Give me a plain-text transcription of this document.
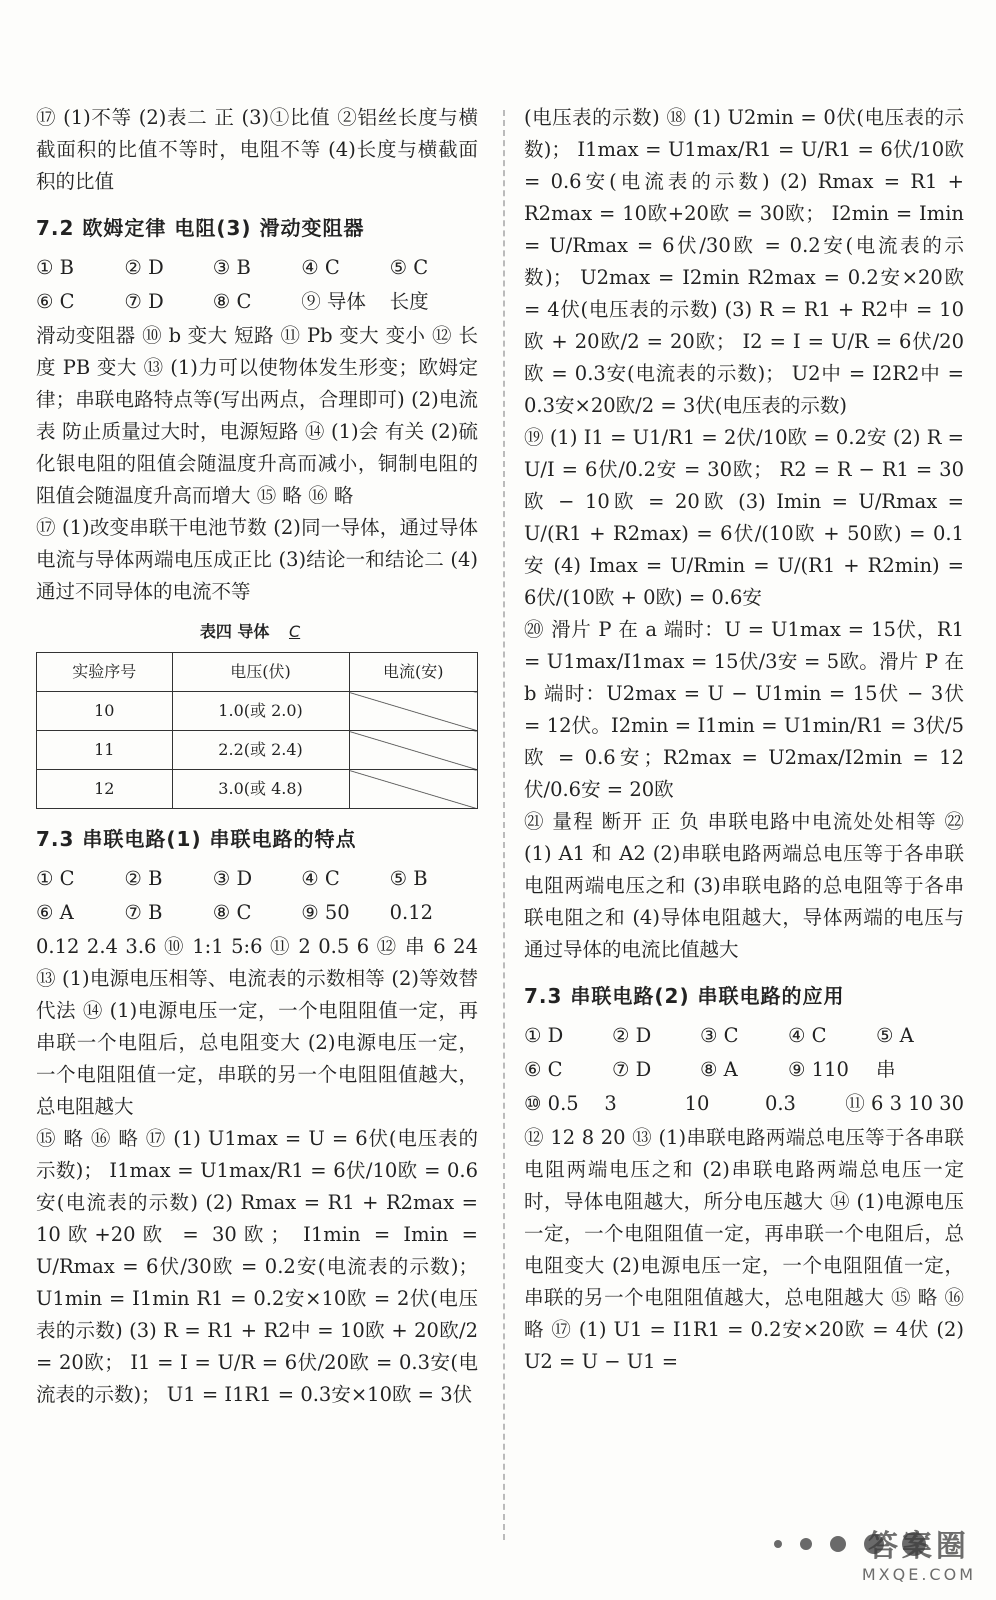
⑰ (1)不等 (2)表二 正 (3)①比值 ②铝丝长度与横截面积的比值不等时，电阻不等 (4)长度与横截面积的比值

7.2 欧姆定律 电阻(3) 滑动变阻器
① B	② D	③ B	④ C	⑤ C
⑥ C	⑦ D	⑧ C	⑨ 导体	长度

滑动变阻器 ⑩ b 变大 短路 ⑪ Pb 变大 变小 ⑫ 长度 PB 变大 ⑬ (1)力可以使物体发生形变；欧姆定律；串联电路特点等(写出两点，合理即可) (2)电流表 防止质量过大时，电源短路 ⑭ (1)会 有关 (2)硫化银电阻的阻值会随温度升高而减小，铜制电阻的阻值会随温度升高而增大 ⑮ 略 ⑯ 略

⑰ (1)改变串联干电池节数 (2)同一导体，通过导体电流与导体两端电压成正比 (3)结论一和结论二 (4)通过不同导体的电流不等

表四 导体 C
实验序号	电压(伏)	电流(安)
10	1.0(或 2.0)	
11	2.2(或 2.4)	
12	3.0(或 4.8)	
7.3 串联电路(1) 串联电路的特点
① C	② B	③ D	④ C	⑤ B
⑥ A	⑦ B	⑧ C	⑨ 50	0.12

0.12 2.4 3.6 ⑩ 1:1 5:6 ⑪ 2 0.5 6 ⑫ 串 6 24 ⑬ (1)电源电压相等、电流表的示数相等 (2)等效替代法 ⑭ (1)电源电压一定，一个电阻阻值一定，再串联一个电阻后，总电阻变大 (2)电源电压一定，一个电阻阻值一定，串联的另一个电阻阻值越大，总电阻越大

⑮ 略 ⑯ 略 ⑰ (1) U1max = U = 6伏(电压表的示数)； I1max = U1max/R1 = 6伏/10欧 = 0.6安(电流表的示数) (2) Rmax = R1 + R2max = 10欧+20欧 = 30欧； I1min = Imin = U/Rmax = 6伏/30欧 = 0.2安(电流表的示数)； U1min = I1min R1 = 0.2安×10欧 = 2伏(电压表的示数) (3) R = R1 + R2中 = 10欧 + 20欧/2 = 20欧； I1 = I = U/R = 6伏/20欧 = 0.3安(电流表的示数)； U1 = I1R1 = 0.3安×10欧 = 3伏

(电压表的示数) ⑱ (1) U2min = 0伏(电压表的示数)； I1max = U1max/R1 = U/R1 = 6伏/10欧 = 0.6安(电流表的示数) (2) Rmax = R1 + R2max = 10欧+20欧 = 30欧； I2min = Imin = U/Rmax = 6伏/30欧 = 0.2安(电流表的示数)； U2max = I2min R2max = 0.2安×20欧 = 4伏(电压表的示数) (3) R = R1 + R2中 = 10欧 + 20欧/2 = 20欧； I2 = I = U/R = 6伏/20欧 = 0.3安(电流表的示数)； U2中 = I2R2中 = 0.3安×20欧/2 = 3伏(电压表的示数)

⑲ (1) I1 = U1/R1 = 2伏/10欧 = 0.2安 (2) R = U/I = 6伏/0.2安 = 30欧； R2 = R − R1 = 30欧 − 10欧 = 20欧 (3) Imin = U/Rmax = U/(R1 + R2max) = 6伏/(10欧 + 50欧) = 0.1安 (4) Imax = U/Rmin = U/(R1 + R2min) = 6伏/(10欧 + 0欧) = 0.6安

⑳ 滑片 P 在 a 端时：U = U1max = 15伏，R1 = U1max/I1max = 15伏/3安 = 5欧。滑片 P 在 b 端时：U2max = U − U1min = 15伏 − 3伏 = 12伏。I2min = I1min = U1min/R1 = 3伏/5欧 = 0.6安；R2max = U2max/I2min = 12伏/0.6安 = 20欧

㉑ 量程 断开 正 负 串联电路中电流处处相等 ㉒ (1) A1 和 A2 (2)串联电路两端总电压等于各串联电阻两端电压之和 (3)串联电路的总电阻等于各串联电阻之和 (4)导体电阻越大，导体两端的电压与通过导体的电流比值越大

7.3 串联电路(2) 串联电路的应用
① D	② D	③ C	④ C	⑤ A
⑥ C	⑦ D	⑧ A	⑨ 110	串
⑩ 0.5	3	10	0.3	⑪ 6 3 10 30

⑫ 12 8 20 ⑬ (1)串联电路两端总电压等于各串联电阻两端电压之和 (2)串联电路两端总电压一定时，导体电阻越大，所分电压越大 ⑭ (1)电源电压一定，一个电阻阻值一定，再串联一个电阻后，总电阻变大 (2)电源电压一定，一个电阻阻值一定，串联的另一个电阻阻值越大，总电阻越大 ⑮ 略 ⑯ 略 ⑰ (1) U1 = I1R1 = 0.2安×20欧 = 4伏 (2) U2 = U − U1 =

答案圈
MXQE.COM
